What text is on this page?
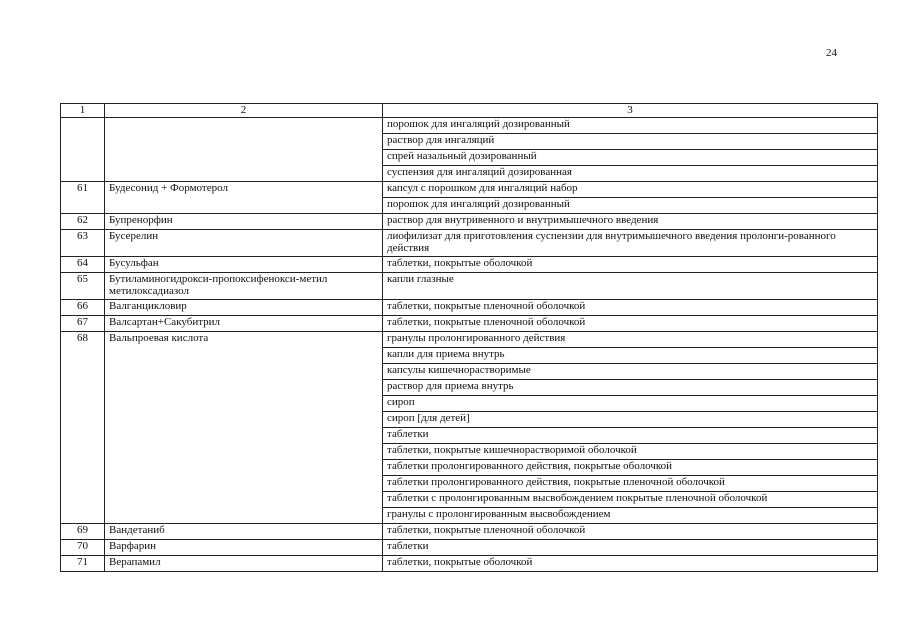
24
1	2	3
		порошок для ингаляций дозированный
		раствор для ингаляций
		спрей назальный дозированный
		суспензия для ингаляций дозированная
61	Будесонид + Формотерол	капсул с порошком для ингаляций набор
		порошок для ингаляций дозированный
62	Бупренорфин	раствор для внутривенного и внутримышечного введения
63	Бусерелин	лиофилизат для приготовления суспензии для внутримышечного введения пролонги-рованного действия
64	Бусульфан	таблетки, покрытые оболочкой
65	Бутиламиногидрокси-пропоксифенокси-метил метилоксадиазол	капли глазные
66	Валганцикловир	таблетки, покрытые пленочной оболочкой
67	Валсартан+Сакубитрил	таблетки, покрытые пленочной оболочкой
68	Вальпроевая кислота	гранулы пролонгированного действия
		капли для приема внутрь
		капсулы кишечнорастворимые
		раствор для приема внутрь
		сироп
		сироп [для детей]
		таблетки
		таблетки, покрытые кишечнорастворимой оболочкой
		таблетки пролонгированного действия, покрытые оболочкой
		таблетки пролонгированного действия, покрытые пленочной оболочкой
		таблетки с пролонгированным высвобождением покрытые пленочной оболочкой
		гранулы с пролонгированным высвобождением
69	Вандетаниб	таблетки, покрытые пленочной оболочкой
70	Варфарин	таблетки
71	Верапамил	таблетки, покрытые оболочкой
